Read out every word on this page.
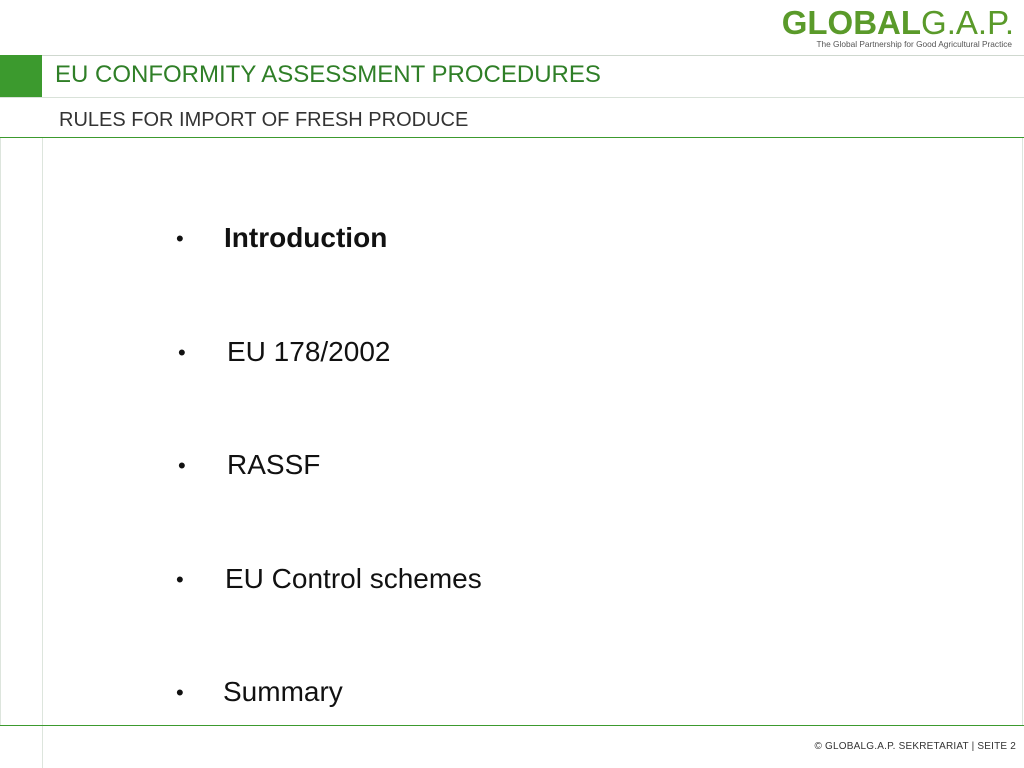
GLOBALG.A.P.
The Global Partnership for Good Agricultural Practice
EU CONFORMITY ASSESSMENT PROCEDURES
RULES FOR IMPORT OF FRESH PRODUCE
• Introduction
• EU 178/2002
• RASSF
• EU Control schemes
• Summary
© GLOBALG.A.P. SEKRETARIAT | SEITE 2
